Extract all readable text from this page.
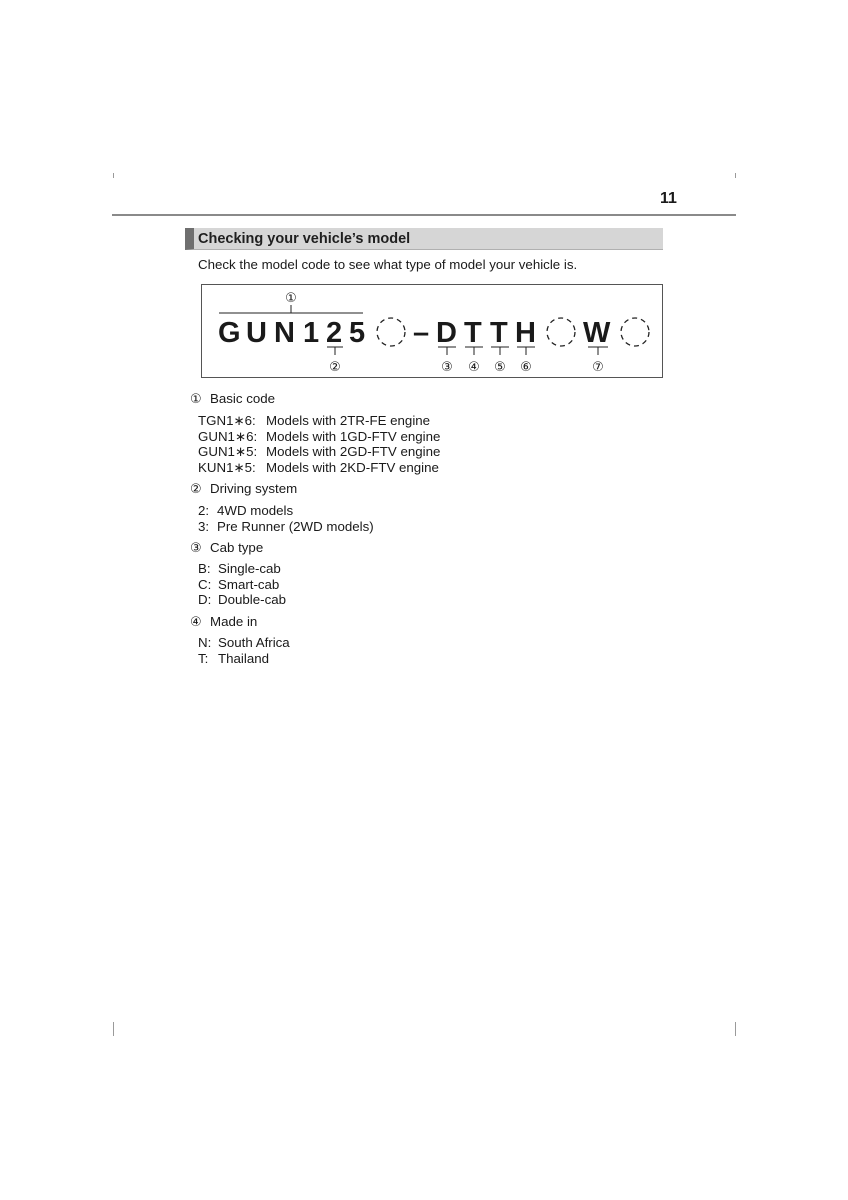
11
Checking your vehicle’s model
Check the model code to see what type of model your vehicle is.
①
G U N 1 2 5 – D T T H W
②	③ ④ ⑤ ⑥	⑦
① Basic code
TGN1∗6: Models with 2TR-FE engine
GUN1∗6: Models with 1GD-FTV engine
GUN1∗5: Models with 2GD-FTV engine
KUN1∗5: Models with 2KD-FTV engine
② Driving system
2: 4WD models
3: Pre Runner (2WD models)
③ Cab type
B: Single-cab
C: Smart-cab
D: Double-cab
④ Made in
N: South Africa
T: Thailand
